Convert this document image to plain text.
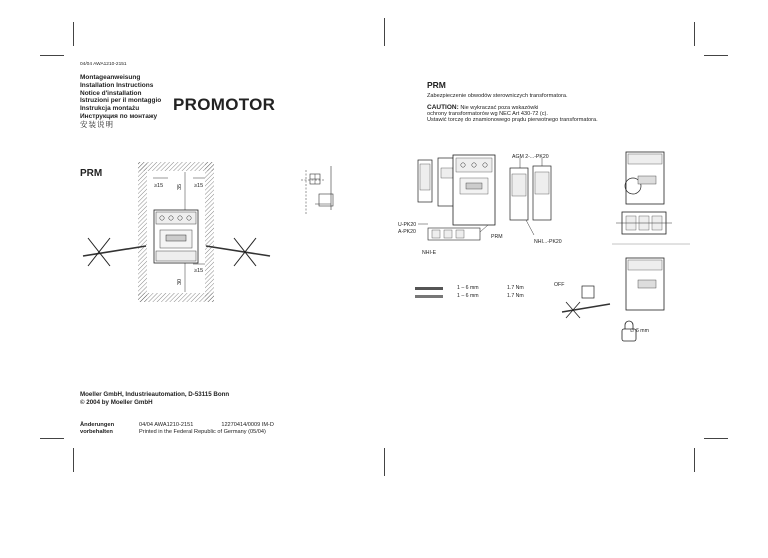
04/04 AWA1210-2151
Montageanweisung
Installation Instructions
Notice d'installation
Istruzioni per il montaggio
Instrukcja montażu
Инструкция по монтажу
安装说明
PROMOTOR
PRM
PRM
Zabezpieczenie obwodów sterowniczych transformatora.
CAUTION: Nie wykraczać poza wskazówki
ochrony transformatorów wg NEC Art 430-72 (c).
Ustawić torczę do znamionowego prądu pierwotnego transformatora.
≥15	≥15
≥15
35
30
AGM 2-...-PK20
U-PK20
A-PK20
PRM
NHI...-PK20
NHI-E
∅ 6 mm
OFF
1 – 6 mm	1.7 Nm
1 – 6 mm	1.7 Nm
Moeller GmbH, Industrieautomation, D-53115 Bonn
© 2004 by Moeller GmbH
Änderungen
vorbehalten
04/04 AWA1210-2151	12270414/0009 IM-D
Printed in the Federal Republic of Germany (05/04)
